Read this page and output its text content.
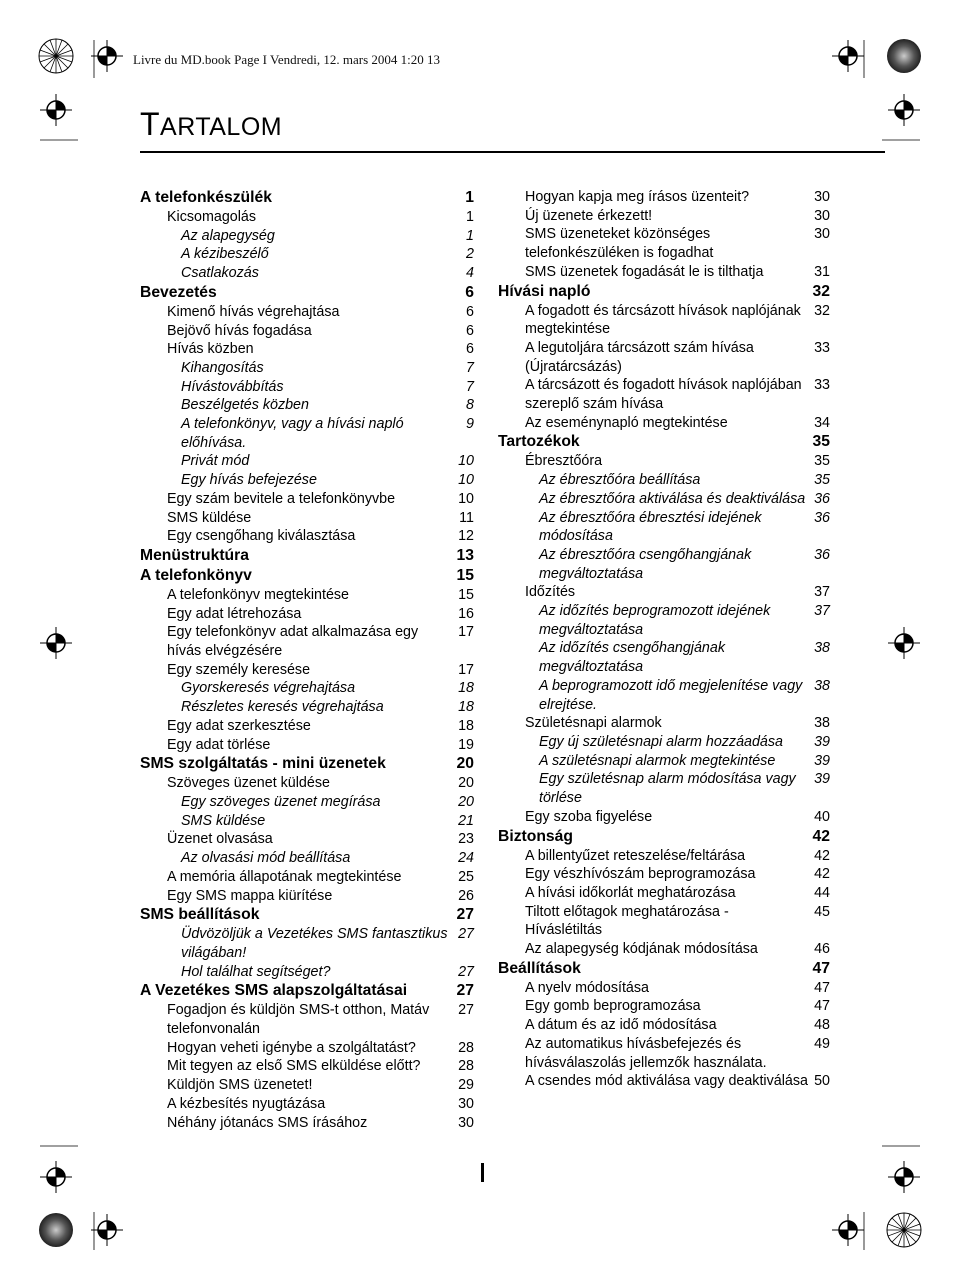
Livre du MD.book Page I Vendredi, 12. mars 2004 1:20 13
TARTALOM
A telefonkészülék	1
Kicsomagolás	1
Az alapegység	1
A kézibeszélő	2
Csatlakozás	4
Bevezetés	6
Kimenő hívás végrehajtása	6
Bejövő hívás fogadása	6
Hívás közben	6
Kihangosítás	7
Hívástovábbítás	7
Beszélgetés közben	8
A telefonkönyv, vagy a hívási napló előhívása.
9
Privát mód	10
Egy hívás befejezése	10
Egy szám bevitele a telefonkönyvbe	10
SMS küldése	11
Egy csengőhang kiválasztása	12
Menüstruktúra	13
A telefonkönyv	15
A telefonkönyv megtekintése	15
Egy adat létrehozása	16
Egy telefonkönyv adat alkalmazása egy hívás elvégzésére
17
Egy személy keresése	17
Gyorskeresés végrehajtása	18
Részletes keresés végrehajtása	18
Egy adat szerkesztése	18
Egy adat törlése	19
SMS szolgáltatás - mini üzenetek	20
Szöveges üzenet küldése	20
Egy szöveges üzenet megírása	20
SMS küldése	21
Üzenet olvasása	23
Az olvasási mód beállítása	24
A memória állapotának megtekintése	25
Egy SMS mappa kiürítése	26
SMS beállítások	27
Üdvözöljük a Vezetékes SMS fantasztikus világában!
27
Hol találhat segítséget?	27
A Vezetékes SMS alapszolgáltatásai	27
Fogadjon és küldjön SMS-t otthon, Matáv telefonvonalán
27
Hogyan veheti igénybe a szolgáltatást?	28
Mit tegyen az első SMS elküldése előtt?	28
Küldjön SMS üzenetet!	29
A kézbesítés nyugtázása	30
Néhány jótanács SMS írásához	30
Hogyan kapja meg írásos üzenteit?	30
Új üzenete érkezett!	30
SMS üzeneteket közönséges telefonkészüléken is fogadhat
30
SMS üzenetek fogadását le is tilthatja	31
Hívási napló	32
A fogadott és tárcsázott hívások naplójának megtekintése
32
A legutoljára tárcsázott szám hívása (Újratárcsázás)
33
A tárcsázott és fogadott hívások naplójában szereplő szám hívása
33
Az eseménynapló megtekintése	34
Tartozékok	35
Ébresztőóra	35
Az ébresztőóra beállítása	35
Az ébresztőóra aktiválása és deaktiválása 36
Az ébresztőóra ébresztési idejének módosítása
36
Az ébresztőóra csengőhangjának megváltoztatása
36
Időzítés	37
Az időzítés beprogramozott idejének megváltoztatása
37
Az időzítés csengőhangjának megváltoztatása
38
A beprogramozott idő megjelenítése vagy elrejtése.
38
Születésnapi alarmok	38
Egy új születésnapi alarm hozzáadása	39
A születésnapi alarmok megtekintése	39
Egy születésnap alarm módosítása vagy törlése
39
Egy szoba figyelése	40
Biztonság	42
A billentyűzet reteszelése/feltárása	42
Egy vészhívószám beprogramozása	42
A hívási időkorlát meghatározása	44
Tiltott előtagok meghatározása - Híváslétiltás
45
Az alapegység kódjának módosítása	46
Beállítások	47
A nyelv módosítása	47
Egy gomb beprogramozása	47
A dátum és az idő módosítása	48
Az automatikus hívásbefejezés és hívásválaszolás jellemzők használata.
49
A csendes mód aktiválása vagy deaktiválása 50
